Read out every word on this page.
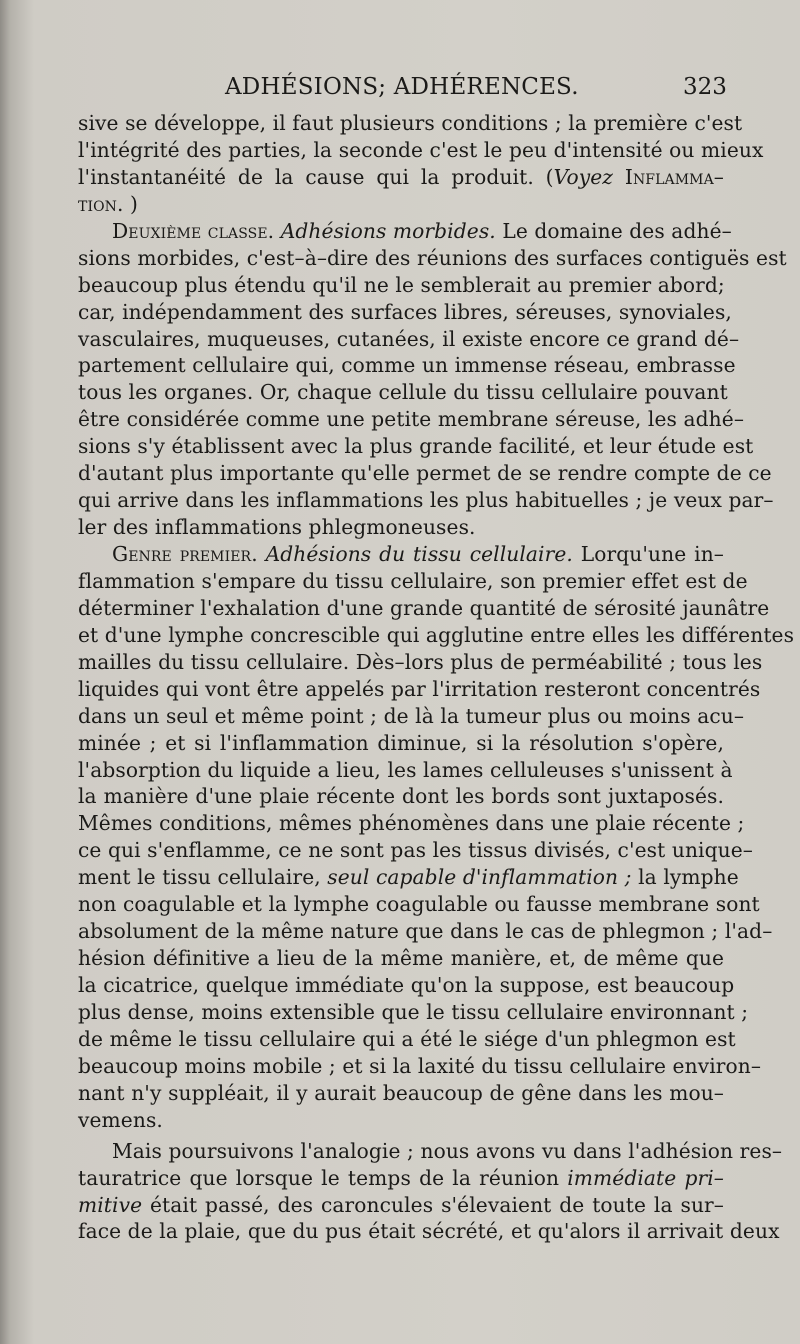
ADHÉSIONS; ADHÉRENCES.	323
sive se développe, il faut plusieurs conditions ; la première c'est
l'intégrité des parties, la seconde c'est le peu d'intensité ou mieux
l'instantanéité de la cause qui la produit. (Voyez Inflamma–
tion. )
Deuxième classe. Adhésions morbides. Le domaine des adhé–
sions morbides, c'est–à–dire des réunions des surfaces contiguës est
beaucoup plus étendu qu'il ne le semblerait au premier abord;
car, indépendamment des surfaces libres, séreuses, synoviales,
vasculaires, muqueuses, cutanées, il existe encore ce grand dé–
partement cellulaire qui, comme un immense réseau, embrasse
tous les organes. Or, chaque cellule du tissu cellulaire pouvant
être considérée comme une petite membrane séreuse, les adhé–
sions s'y établissent avec la plus grande facilité, et leur étude est
d'autant plus importante qu'elle permet de se rendre compte de ce
qui arrive dans les inflammations les plus habituelles ; je veux par–
ler des inflammations phlegmoneuses.
Genre premier. Adhésions du tissu cellulaire. Lorqu'une in–
flammation s'empare du tissu cellulaire, son premier effet est de
déterminer l'exhalation d'une grande quantité de sérosité jaunâtre
et d'une lymphe concrescible qui agglutine entre elles les différentes
mailles du tissu cellulaire. Dès–lors plus de perméabilité ; tous les
liquides qui vont être appelés par l'irritation resteront concentrés
dans un seul et même point ; de là la tumeur plus ou moins acu–
minée ; et si l'inflammation diminue, si la résolution s'opère,
l'absorption du liquide a lieu, les lames celluleuses s'unissent à
la manière d'une plaie récente dont les bords sont juxtaposés.
Mêmes conditions, mêmes phénomènes dans une plaie récente ;
ce qui s'enflamme, ce ne sont pas les tissus divisés, c'est unique–
ment le tissu cellulaire, seul capable d'inflammation ; la lymphe
non coagulable et la lymphe coagulable ou fausse membrane sont
absolument de la même nature que dans le cas de phlegmon ; l'ad–
hésion définitive a lieu de la même manière, et, de même que
la cicatrice, quelque immédiate qu'on la suppose, est beaucoup
plus dense, moins extensible que le tissu cellulaire environnant ;
de même le tissu cellulaire qui a été le siége d'un phlegmon est
beaucoup moins mobile ; et si la laxité du tissu cellulaire environ–
nant n'y suppléait, il y aurait beaucoup de gêne dans les mou–
vemens.
Mais poursuivons l'analogie ; nous avons vu dans l'adhésion res–
tauratrice que lorsque le temps de la réunion immédiate pri–
mitive était passé, des caroncules s'élevaient de toute la sur–
face de la plaie, que du pus était sécrété, et qu'alors il arrivait deux
